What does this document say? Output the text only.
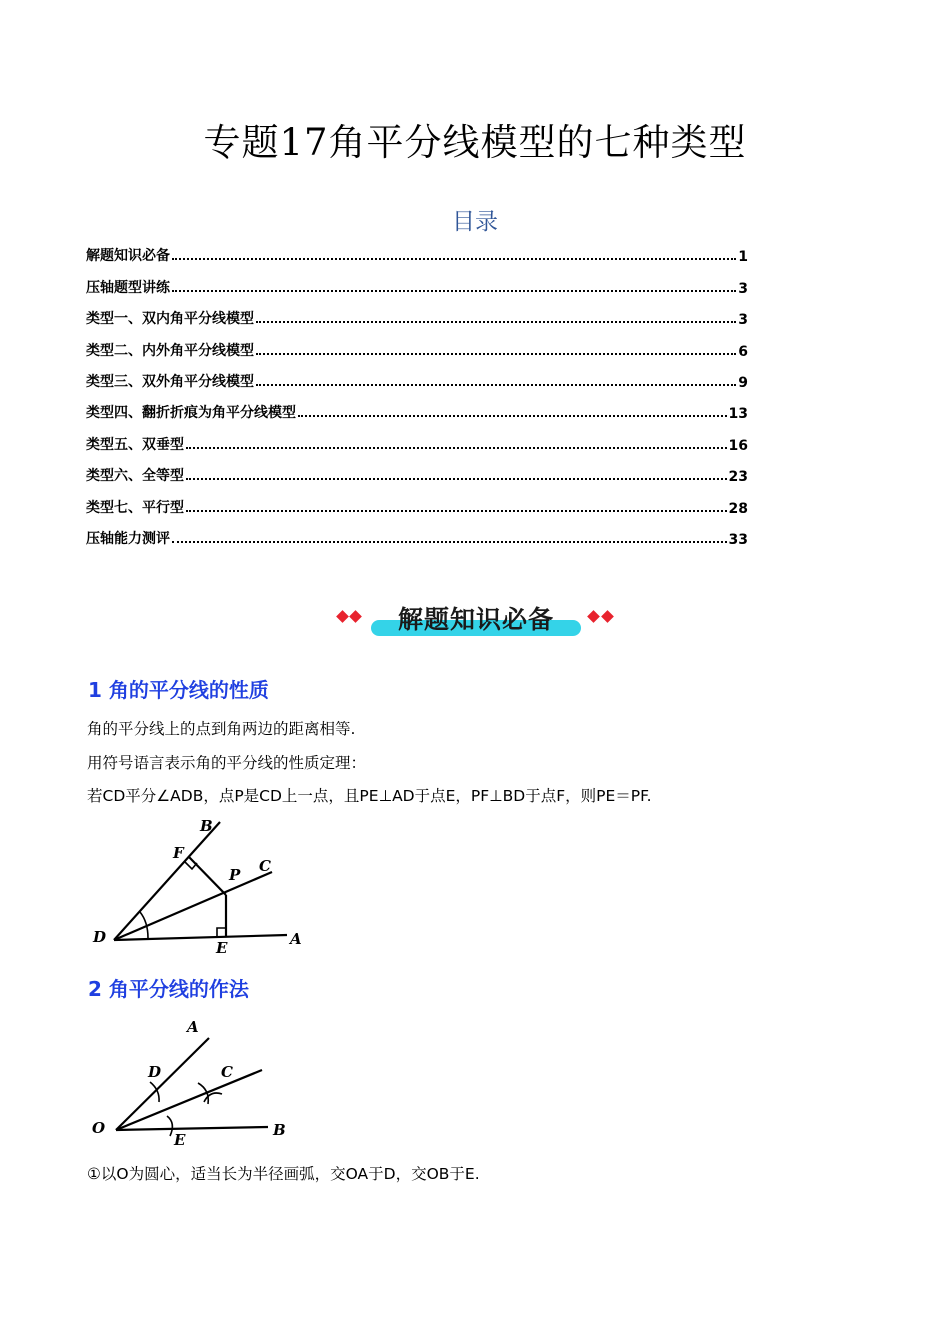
专题17角平分线模型的七种类型
目录
解题知识必备	1
压轴题型讲练	3
类型一、双内角平分线模型	3
类型二、内外角平分线模型	6
类型三、双外角平分线模型	9
类型四、翻折折痕为角平分线模型	13
类型五、双垂型	16
类型六、全等型	23
类型七、平行型	28
压轴能力测评	33
解题知识必备
1 角的平分线的性质
角的平分线上的点到角两边的距离相等.
用符号语言表示角的平分线的性质定理：
若CD平分∠ADB，点P是CD上一点，且PE⊥AD于点E，PF⊥BD于点F，则PE＝PF.
B
F
P C
D
E	A
2 角平分线的作法
A
D	C
O
E
B
①以O为圆心，适当长为半径画弧，交OA于D，交OB于E.
